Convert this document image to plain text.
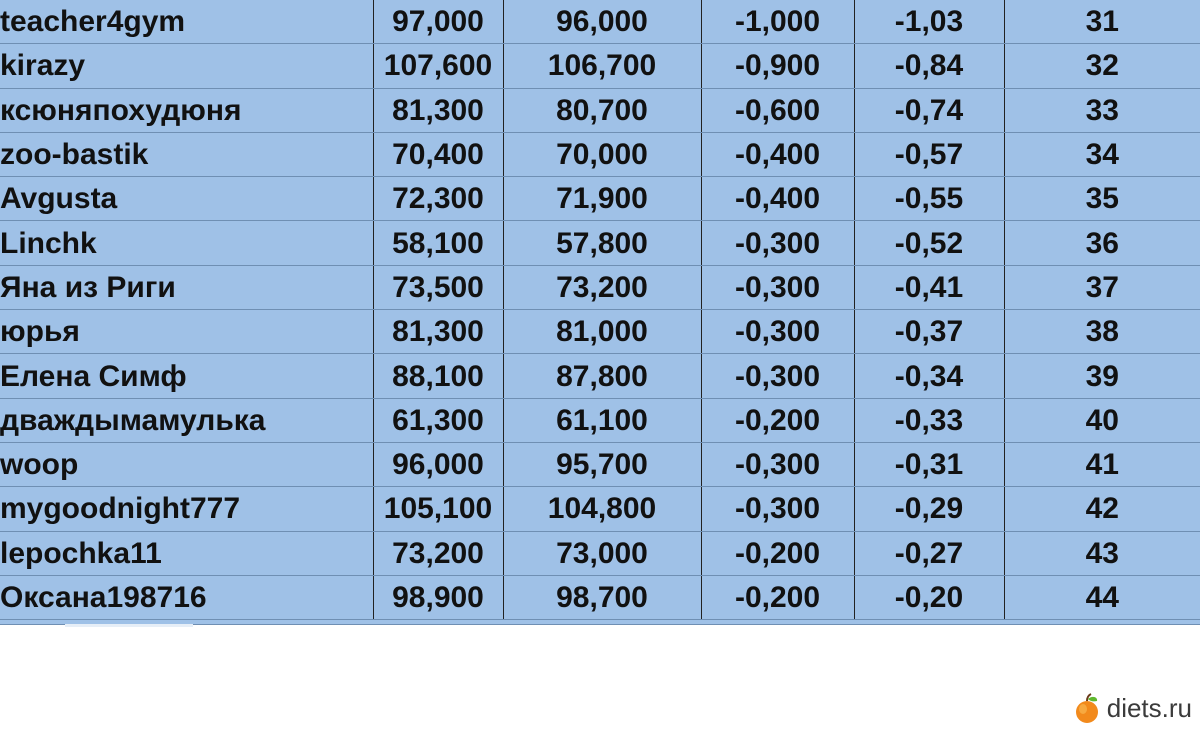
teacher4gym	97,000	96,000	-1,000	-1,03	31
kirazy	107,600	106,700	-0,900	-0,84	32
ксюняпохудюня	81,300	80,700	-0,600	-0,74	33
zoo-bastik	70,400	70,000	-0,400	-0,57	34
Avgusta	72,300	71,900	-0,400	-0,55	35
Linchk	58,100	57,800	-0,300	-0,52	36
Яна из Риги	73,500	73,200	-0,300	-0,41	37
юрья	81,300	81,000	-0,300	-0,37	38
Елена Симф	88,100	87,800	-0,300	-0,34	39
дваждымамулька	61,300	61,100	-0,200	-0,33	40
woop	96,000	95,700	-0,300	-0,31	41
mygoodnight777	105,100	104,800	-0,300	-0,29	42
lepochka11	73,200	73,000	-0,200	-0,27	43
Оксана198716	98,900	98,700	-0,200	-0,20	44
diets.ru
